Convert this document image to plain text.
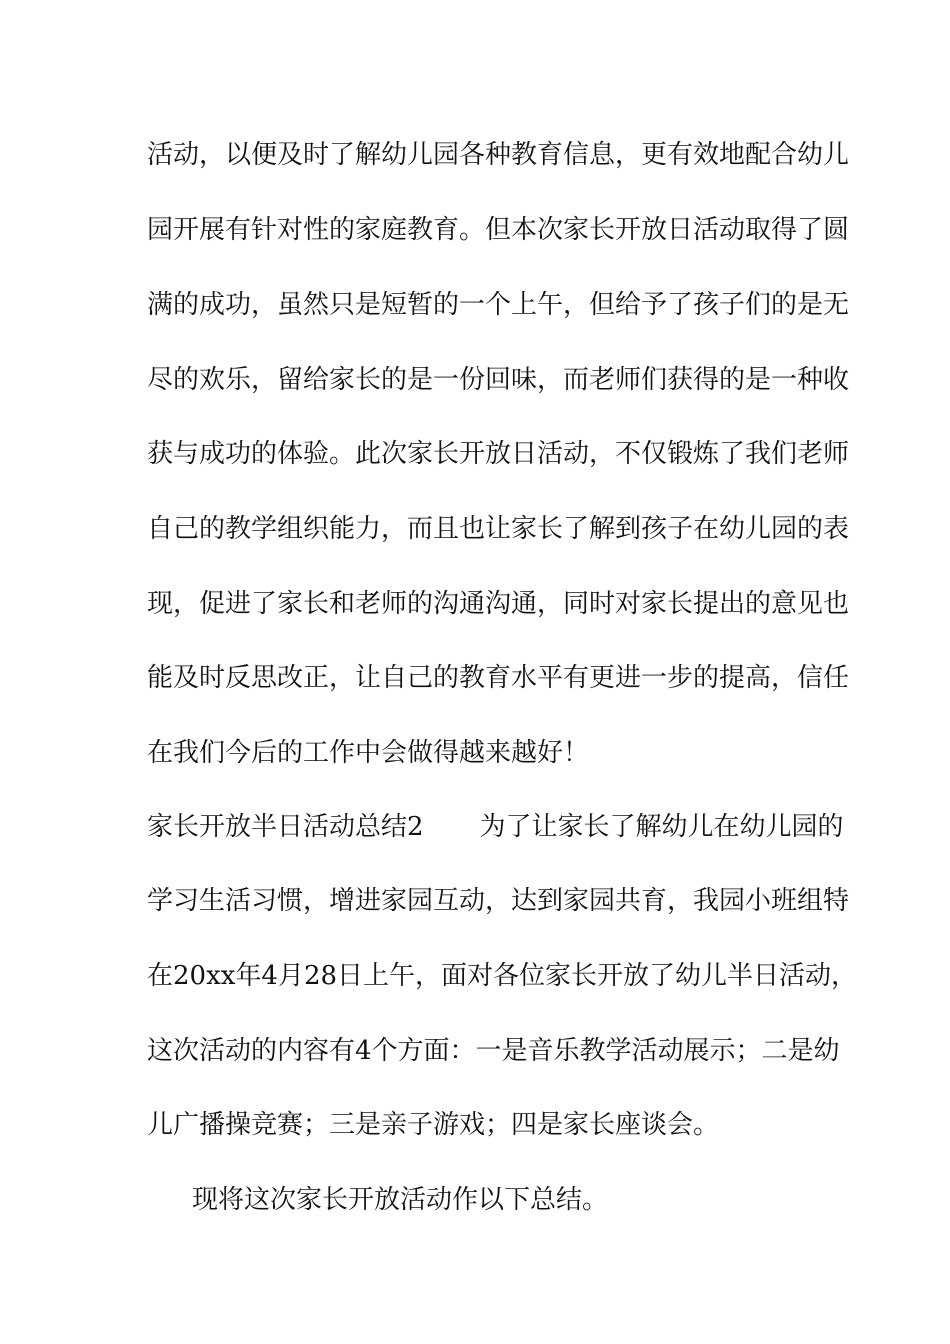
活动，以便及时了解幼儿园各种教育信息，更有效地配合幼儿
园开展有针对性的家庭教育。但本次家长开放日活动取得了圆
满的成功，虽然只是短暂的一个上午，但给予了孩子们的是无
尽的欢乐，留给家长的是一份回味，而老师们获得的是一种收
获与成功的体验。此次家长开放日活动，不仅锻炼了我们老师
自己的教学组织能力，而且也让家长了解到孩子在幼儿园的表
现，促进了家长和老师的沟通沟通，同时对家长提出的意见也
能及时反思改正，让自己的教育水平有更进一步的提高，信任
在我们今后的工作中会做得越来越好！
家长开放半日活动总结2 为了让家长了解幼儿在幼儿园的
学习生活习惯，增进家园互动，达到家园共育，我园小班组特
在20xx年4月28日上午，面对各位家长开放了幼儿半日活动，
这次活动的内容有4个方面：一是音乐教学活动展示；二是幼
儿广播操竞赛；三是亲子游戏；四是家长座谈会。
现将这次家长开放活动作以下总结。
